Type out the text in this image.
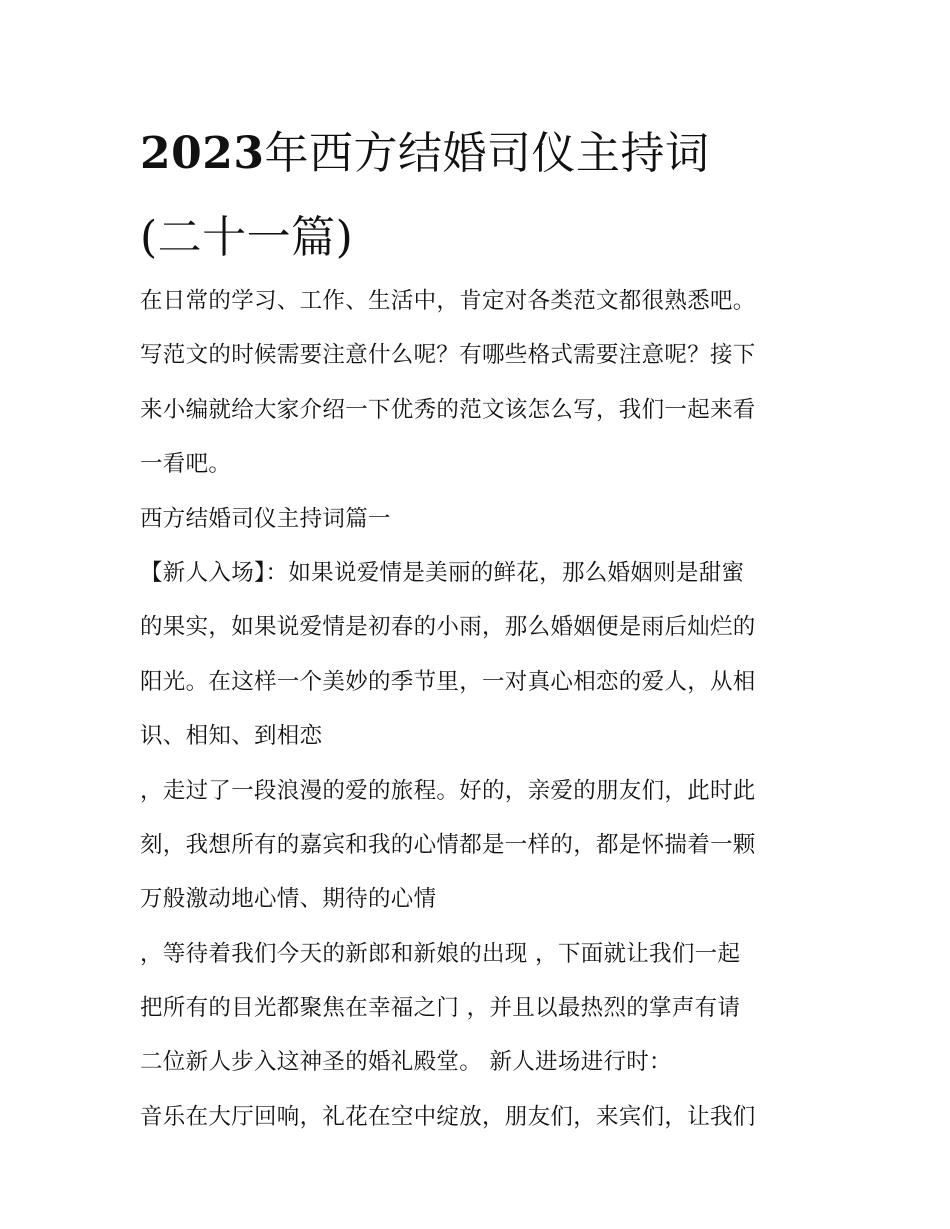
2023年西方结婚司仪主持词
(二十一篇)
在日常的学习、工作、生活中，肯定对各类范文都很熟悉吧。
写范文的时候需要注意什么呢？有哪些格式需要注意呢？接下
来小编就给大家介绍一下优秀的范文该怎么写，我们一起来看
一看吧。
西方结婚司仪主持词篇一
【新人入场】：如果说爱情是美丽的鲜花，那么婚姻则是甜蜜
的果实，如果说爱情是初春的小雨，那么婚姻便是雨后灿烂的
阳光。在这样一个美妙的季节里，一对真心相恋的爱人，从相
识、相知、到相恋
，走过了一段浪漫的爱的旅程。好的，亲爱的朋友们，此时此
刻，我想所有的嘉宾和我的心情都是一样的，都是怀揣着一颗
万般激动地心情、期待的心情
，等待着我们今天的新郎和新娘的出现 ，下面就让我们一起
把所有的目光都聚焦在幸福之门 ，并且以最热烈的掌声有请
二位新人步入这神圣的婚礼殿堂。 新人进场进行时：
音乐在大厅回响，礼花在空中绽放，朋友们，来宾们，让我们
